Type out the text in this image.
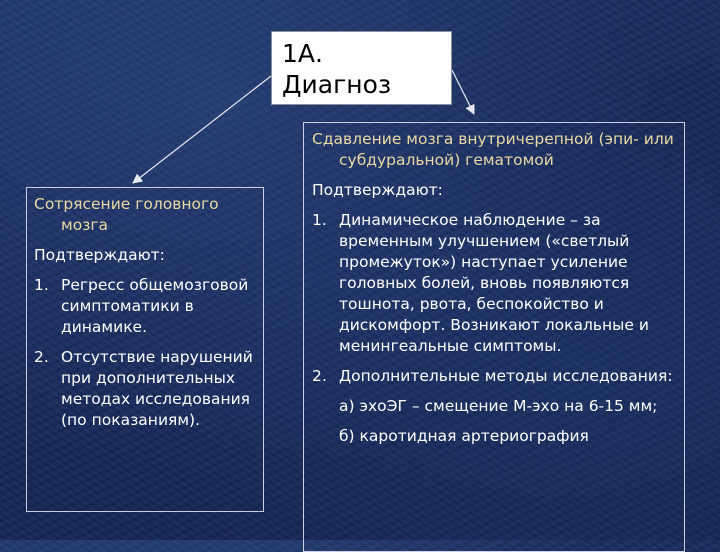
1А.
Диагноз
Сотрясение головного мозга
Подтверждают:
1. Регресс общемозговой симптоматики в динамике.
2. Отсутствие нарушений при дополнительных методах исследования (по показаниям).
Сдавление мозга внутричерепной (эпи- или субдуральной) гематомой
Подтверждают:
1. Динамическое наблюдение – за временным улучшением («светлый промежуток») наступает усиление головных болей, вновь появляются тошнота, рвота, беспокойство и дискомфорт. Возникают локальные и менингеальные симптомы.
2. Дополнительные методы исследования:
а) эхоЭГ – смещение М-эхо на 6-15 мм;
б) каротидная артериография
